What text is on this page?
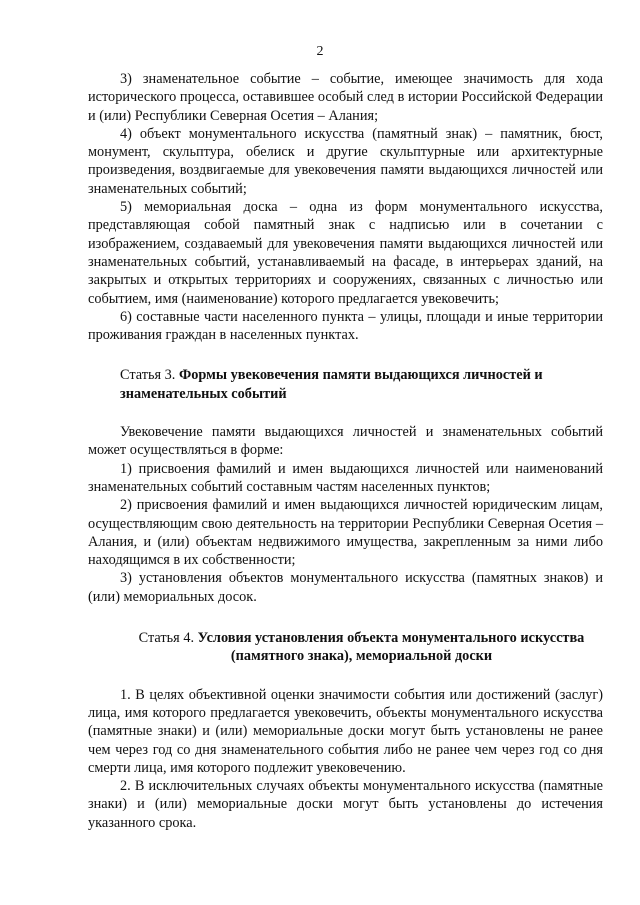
2

3) знаменательное событие – событие, имеющее значимость для хода исторического процесса, оставившее особый след в истории Российской Федерации и (или) Республики Северная Осетия – Алания;

4) объект монументального искусства (памятный знак) – памятник, бюст, монумент, скульптура, обелиск и другие скульптурные или архитектурные произведения, воздвигаемые для увековечения памяти выдающихся личностей или знаменательных событий;

5) мемориальная доска – одна из форм монументального искусства, представляющая собой памятный знак с надписью или в сочетании с изображением, создаваемый для увековечения памяти выдающихся личностей или знаменательных событий, устанавливаемый на фасаде, в интерьерах зданий, на закрытых и открытых территориях и сооружениях, связанных с личностью или событием, имя (наименование) которого предлагается увековечить;

6) составные части населенного пункта – улицы, площади и иные территории проживания граждан в населенных пунктах.

Статья 3. Формы увековечения памяти выдающихся личностей и знаменательных событий

Увековечение памяти выдающихся личностей и знаменательных событий может осуществляться в форме:

1) присвоения фамилий и имен выдающихся личностей или наименований знаменательных событий составным частям населенных пунктов;

2) присвоения фамилий и имен выдающихся личностей юридическим лицам, осуществляющим свою деятельность на территории Республики Северная Осетия – Алания, и (или) объектам недвижимого имущества, закрепленным за ними либо находящимся в их собственности;

3) установления объектов монументального искусства (памятных знаков) и (или) мемориальных досок.

Статья 4. Условия установления объекта монументального искусства
(памятного знака), мемориальной доски

1. В целях объективной оценки значимости события или достижений (заслуг) лица, имя которого предлагается увековечить, объекты монументального искусства (памятные знаки) и (или) мемориальные доски могут быть установлены не ранее чем через год со дня знаменательного события либо не ранее чем через год со дня смерти лица, имя которого подлежит увековечению.

2. В исключительных случаях объекты монументального искусства (памятные знаки) и (или) мемориальные доски могут быть установлены до истечения указанного срока.
